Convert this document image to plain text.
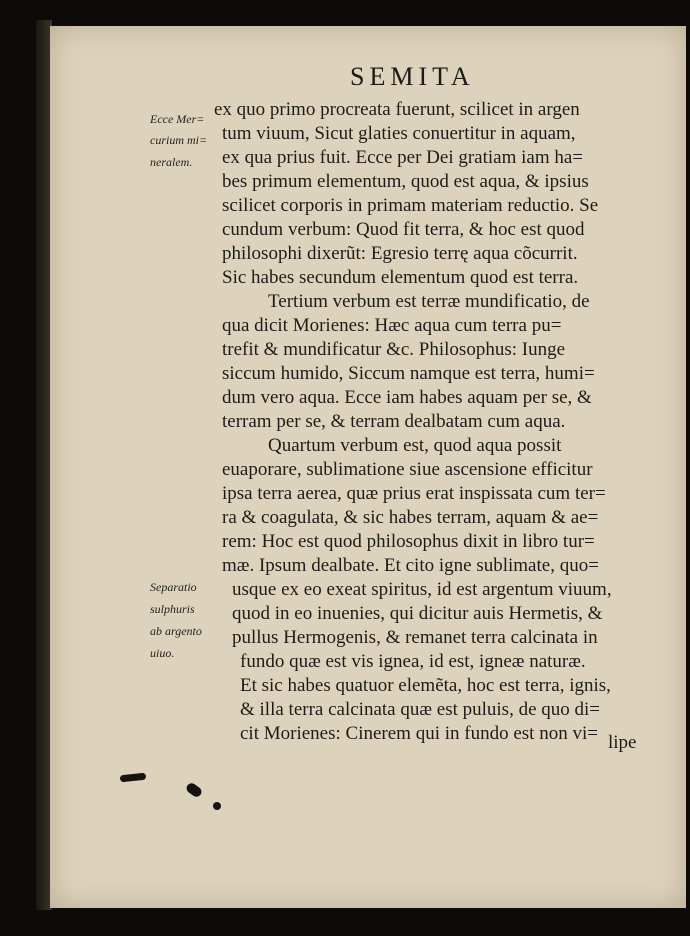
SEMITA
Ecce Mer=
curium mi=
neralem.
Separatio
sulphuris
ab argento
uiuo.
ex quo primo procreata fuerunt, scilicet in argen
tum viuum, Sicut glaties conuertitur in aquam,
ex qua prius fuit. Ecce per Dei gratiam iam ha=
bes primum elementum, quod est aqua, & ipsius
scilicet corporis in primam materiam reductio. Se
cundum verbum: Quod fit terra, & hoc est quod
philosophi dixerũt: Egresio terrę aqua cõcurrit.
Sic habes secundum elementum quod est terra.
Tertium verbum est terræ mundificatio, de
qua dicit Morienes: Hæc aqua cum terra pu=
trefit & mundificatur &c. Philosophus: Iunge
siccum humido, Siccum namque est terra, humi=
dum vero aqua. Ecce iam habes aquam per se, &
terram per se, & terram dealbatam cum aqua.
Quartum verbum est, quod aqua possit
euaporare, sublimatione siue ascensione efficitur
ipsa terra aerea, quæ prius erat inspissata cum ter=
ra & coagulata, & sic habes terram, aquam & ae=
rem: Hoc est quod philosophus dixit in libro tur=
mæ. Ipsum dealbate. Et cito igne sublimate, quo=
usque ex eo exeat spiritus, id est argentum viuum,
quod in eo inuenies, qui dicitur auis Hermetis, &
pullus Hermogenis, & remanet terra calcinata in
fundo quæ est vis ignea, id est, igneæ naturæ.
Et sic habes quatuor elemẽta, hoc est terra, ignis,
& illa terra calcinata quæ est puluis, de quo di=
cit Morienes: Cinerem qui in fundo est non vi= lipe
